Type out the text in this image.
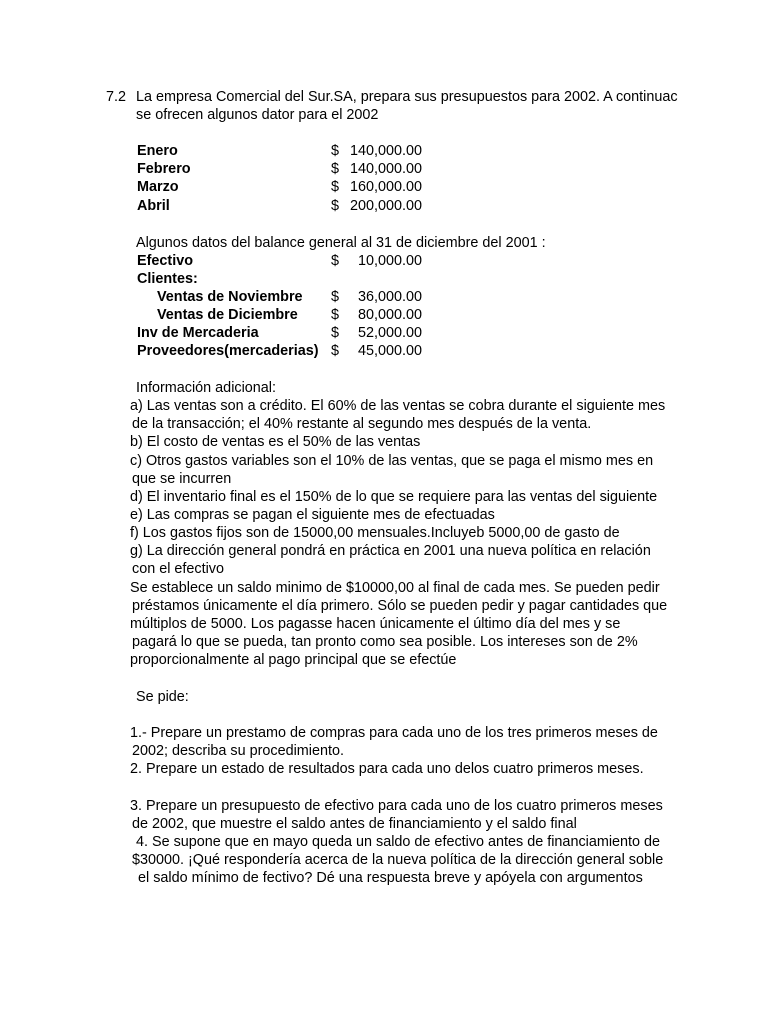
7.2 La empresa Comercial del Sur.SA, prepara sus presupuestos para 2002. A continuac
se ofrecen algunos dator para el 2002
Enero	$ 140,000.00
Febrero	$ 140,000.00
Marzo	$ 160,000.00
Abril	$ 200,000.00
Algunos datos del balance general al 31 de diciembre del 2001 :
Efectivo	$	10,000.00
Clientes:
Ventas de Noviembre $	36,000.00
Ventas de Diciembre $	80,000.00
Inv de Mercaderia	$	52,000.00
Proveedores(mercaderias) $	45,000.00
Información adicional:
a) Las ventas son a crédito. El 60% de las ventas se cobra durante el siguiente mes
de la transacción; el 40% restante al segundo mes después de la venta.
b) El costo de ventas es el 50% de las ventas
c) Otros gastos variables son el 10% de las ventas, que se paga el mismo mes en
que se incurren
d) El inventario final es el 150% de lo que se requiere para las ventas del siguiente
e) Las compras se pagan el siguiente mes de efectuadas
f) Los gastos fijos son de 15000,00 mensuales.Incluyeb 5000,00 de gasto de
g) La dirección general pondrá en práctica en 2001 una nueva política en relación
con el efectivo
Se establece un saldo minimo de $10000,00 al final de cada mes. Se pueden pedir
préstamos únicamente el día primero. Sólo se pueden pedir y pagar cantidades que
múltiplos de 5000. Los pagasse hacen únicamente el último día del mes y se
pagará lo que se pueda, tan pronto como sea posible. Los intereses son de 2%
proporcionalmente al pago principal que se efectúe
Se pide:
1.- Prepare un prestamo de compras para cada uno de los tres primeros meses de
2002; describa su procedimiento.
2. Prepare un estado de resultados para cada uno delos cuatro primeros meses.
3. Prepare un presupuesto de efectivo para cada uno de los cuatro primeros meses
de 2002, que muestre el saldo antes de financiamiento y el saldo final
4. Se supone que en mayo queda un saldo de efectivo antes de financiamiento de
$30000. ¡Qué respondería acerca de la nueva política de la dirección general soble
el saldo mínimo de fectivo? Dé una respuesta breve y apóyela con argumentos
